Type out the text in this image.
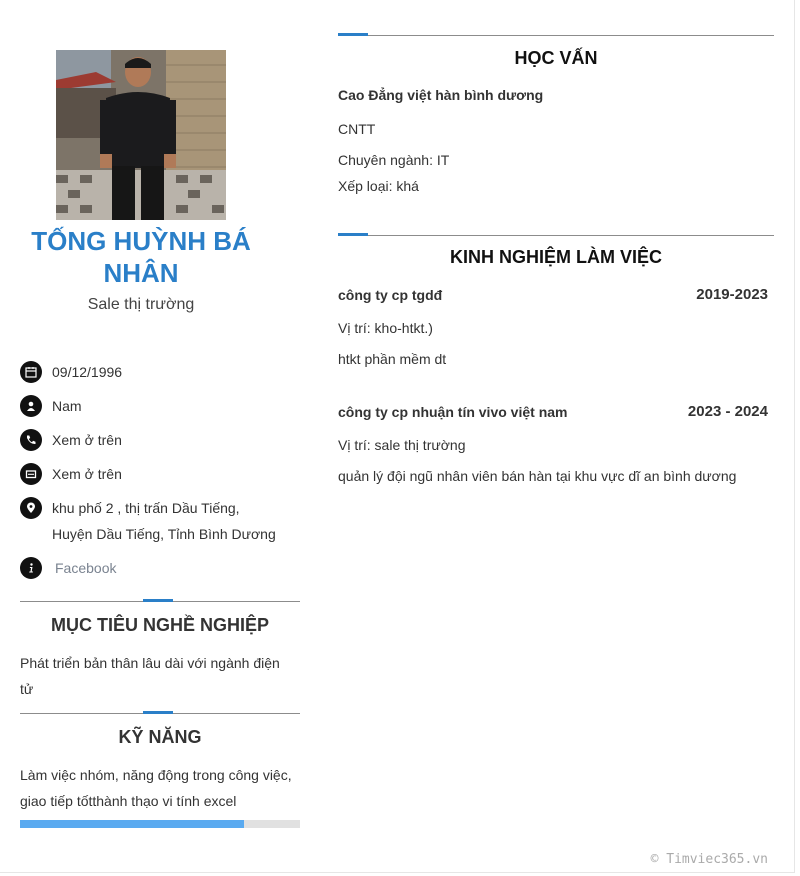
TỐNG HUỲNH BÁ NHÂN
Sale thị trường
09/12/1996
Nam
Xem ở trên
Xem ở trên
khu phố 2 , thị trấn Dầu Tiếng,
Huyện Dầu Tiếng, Tỉnh Bình Dương
Facebook
MỤC TIÊU NGHỀ NGHIỆP
Phát triển bản thân lâu dài với ngành điện
tử
KỸ NĂNG
Làm việc nhóm, năng động trong công việc,
giao tiếp tốtthành thạo vi tính excel
HỌC VẤN
Cao Đẳng việt hàn bình dương
CNTT
Chuyên ngành: IT
Xếp loại: khá
KINH NGHIỆM LÀM VIỆC
công ty cp tgdđ	2019-2023
Vị trí: kho-htkt.)
htkt phần mềm dt
công ty cp nhuận tín vivo việt nam	2023 - 2024
Vị trí: sale thị trường
quản lý đội ngũ nhân viên bán hàn tại khu vực dĩ an bình dương
© Timviec365.vn
